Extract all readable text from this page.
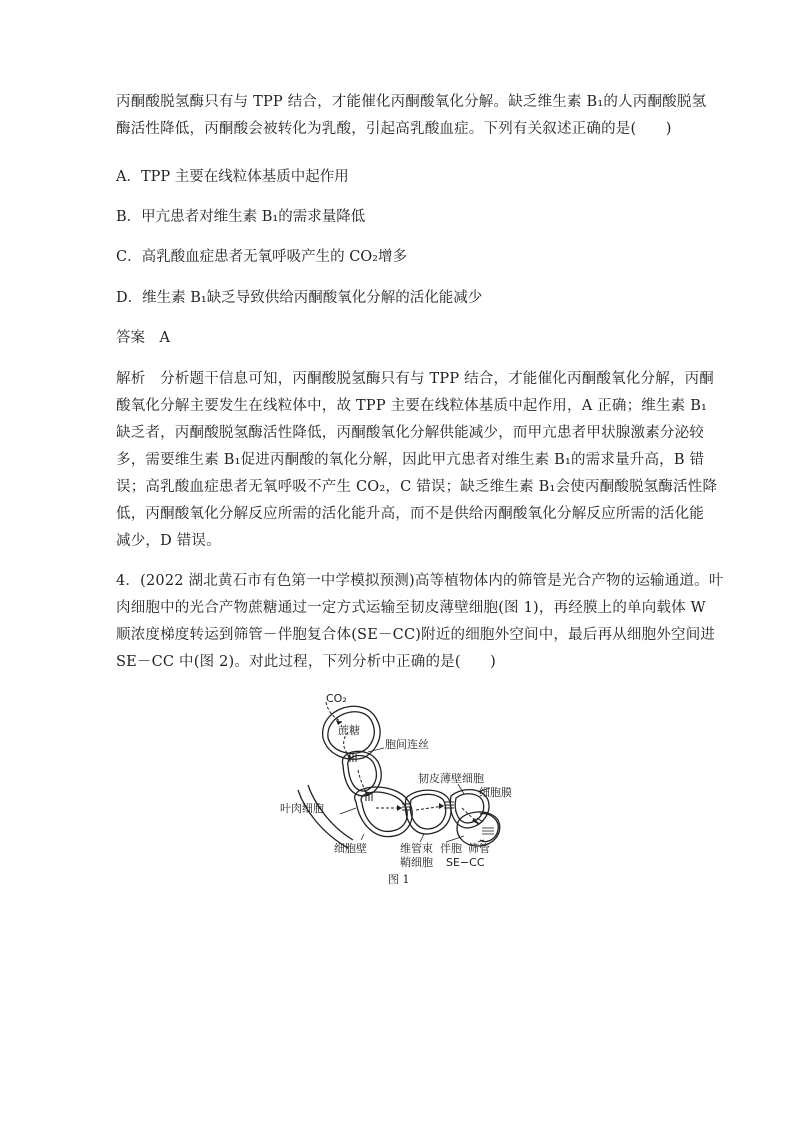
丙酮酸脱氢酶只有与 TPP 结合，才能催化丙酮酸氧化分解。缺乏维生素 B₁的人丙酮酸脱氢
酶活性降低，丙酮酸会被转化为乳酸，引起高乳酸血症。下列有关叙述正确的是(　　)
A．TPP 主要在线粒体基质中起作用
B．甲亢患者对维生素 B₁的需求量降低
C．高乳酸血症患者无氧呼吸产生的 CO₂增多
D．维生素 B₁缺乏导致供给丙酮酸氧化分解的活化能减少
答案　A
解析　分析题干信息可知，丙酮酸脱氢酶只有与 TPP 结合，才能催化丙酮酸氧化分解，丙酮
酸氧化分解主要发生在线粒体中，故 TPP 主要在线粒体基质中起作用，A 正确；维生素 B₁
缺乏者，丙酮酸脱氢酶活性降低，丙酮酸氧化分解供能减少，而甲亢患者甲状腺激素分泌较
多，需要维生素 B₁促进丙酮酸的氧化分解，因此甲亢患者对维生素 B₁的需求量升高，B 错
误；高乳酸血症患者无氧呼吸不产生 CO₂，C 错误；缺乏维生素 B₁会使丙酮酸脱氢酶活性降
低，丙酮酸氧化分解反应所需的活化能升高，而不是供给丙酮酸氧化分解反应所需的活化能
减少，D 错误。
4．(2022 湖北黄石市有色第一中学模拟预测)高等植物体内的筛管是光合产物的运输通道。叶
肉细胞中的光合产物蔗糖通过一定方式运输至韧皮薄壁细胞(图 1)，再经膜上的单向载体 W
顺浓度梯度转运到筛管－伴胞复合体(SE－CC)附近的细胞外空间中，最后再从细胞外空间进
SE－CC 中(图 2)。对此过程，下列分析中正确的是(　　)
CO₂
蔗糖
胞间连丝
韧皮薄壁细胞
细胞膜
叶肉细胞
细胞壁	维管束
鞘细胞
伴胞 筛管
SE−CC
图 1
